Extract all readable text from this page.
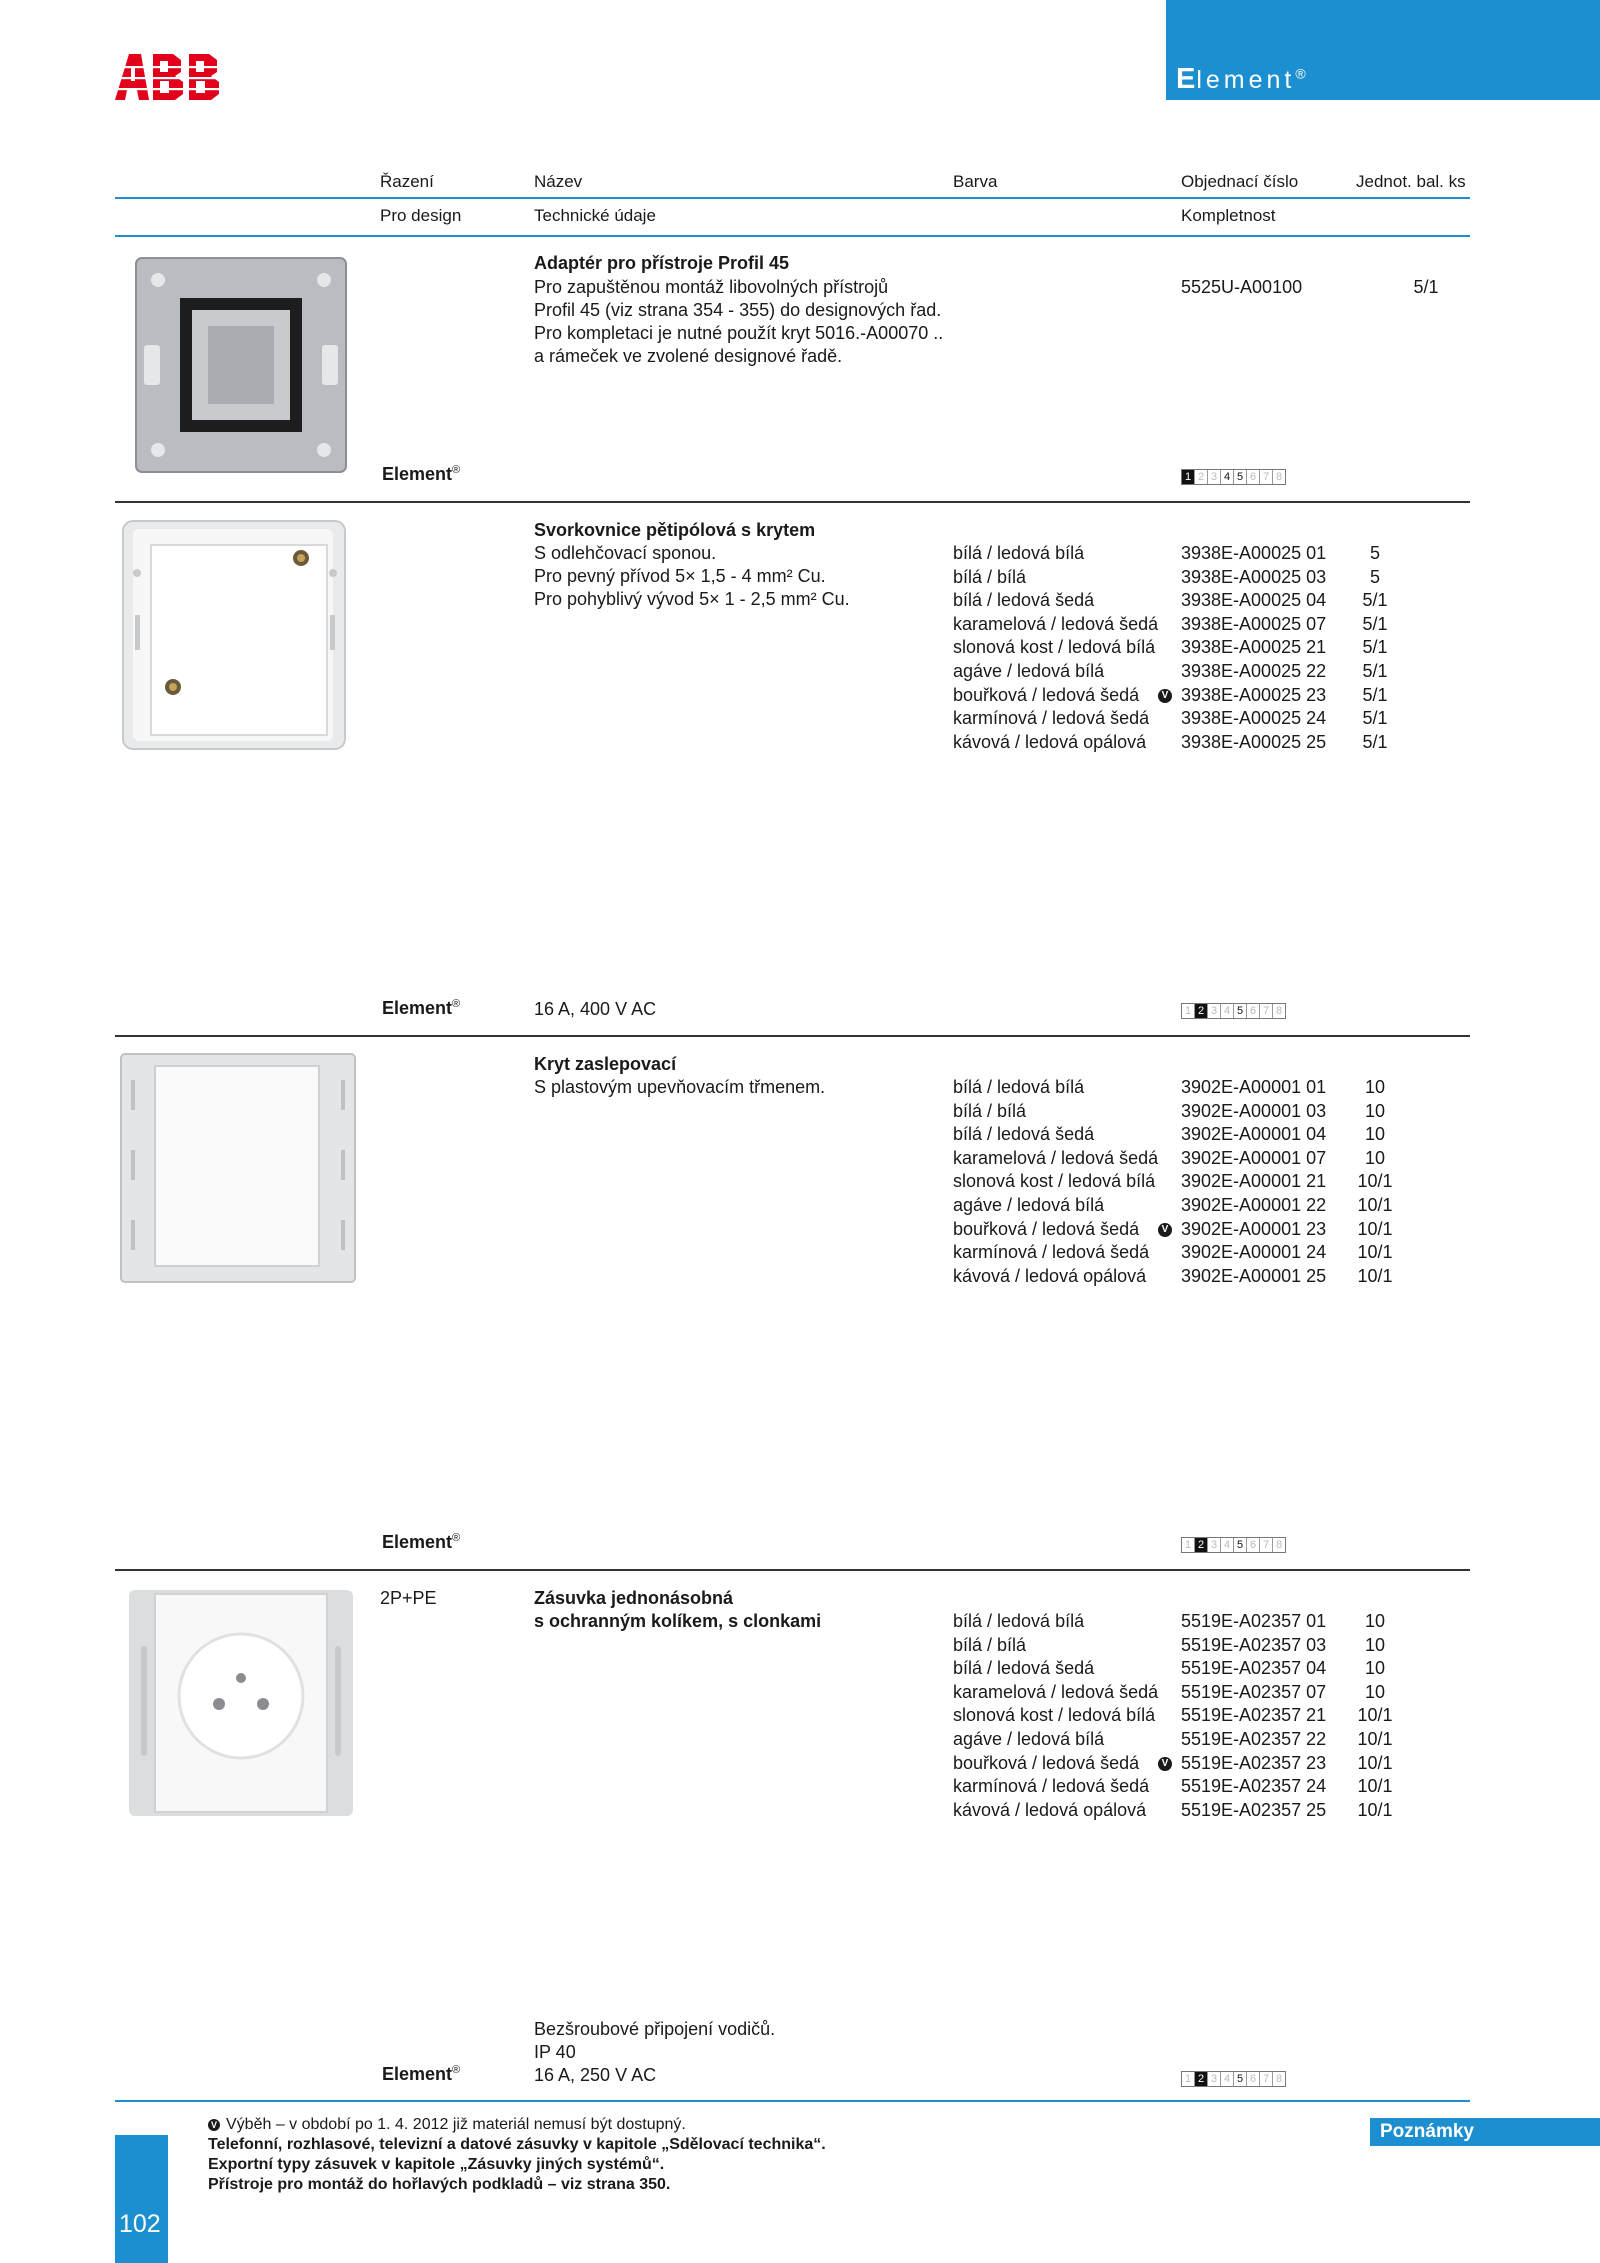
Element®
Řazení	Název	Barva	Objednací číslo	Jednot. bal. ks
Pro design	Technické údaje	Kompletnost
Adaptér pro přístroje Profil 45
Pro zapuštěnou montáž libovolných přístrojů
Profil 45 (viz strana 354 - 355) do designových řad.
Pro kompletaci je nutné použít kryt 5016.-A00070 ..
a rámeček ve zvolené designové řadě.
5525U-A00100	5/1
Element®
1 2 3 4 5 6 7 8
Svorkovnice pětipólová s krytem
S odlehčovací sponou.
Pro pevný přívod 5× 1,5 - 4 mm² Cu.
Pro pohyblivý vývod 5× 1 - 2,5 mm² Cu.
bílá / ledová bílá	3938E-A00025 01	5
bílá / bílá	3938E-A00025 03	5
bílá / ledová šedá	3938E-A00025 04	5/1
karamelová / ledová šedá 3938E-A00025 07	5/1
slonová kost / ledová bílá 3938E-A00025 21	5/1
agáve / ledová bílá	3938E-A00025 22	5/1
bouřková / ledová šedá 3938E-A00025 23	5/1
V
karmínová / ledová šedá 3938E-A00025 24	5/1
kávová / ledová opálová 3938E-A00025 25	5/1
Element®	16 A, 400 V AC	1 2 3 4 5 6 7 8
Kryt zaslepovací
S plastovým upevňovacím třmenem.	bílá / ledová bílá	3902E-A00001 01	10
bílá / bílá	3902E-A00001 03	10
bílá / ledová šedá	3902E-A00001 04	10
karamelová / ledová šedá 3902E-A00001 07	10
slonová kost / ledová bílá 3902E-A00001 21	10/1
agáve / ledová bílá	3902E-A00001 22	10/1
bouřková / ledová šedá 3902E-A00001 23	10/1
V
karmínová / ledová šedá 3902E-A00001 24	10/1
kávová / ledová opálová 3902E-A00001 25	10/1
Element®
1 2 3 4 5 6 7 8
2P+PE	Zásuvka jednonásobná
s ochranným kolíkem, s clonkami	bílá / ledová bílá	5519E-A02357 01	10
bílá / bílá	5519E-A02357 03	10
bílá / ledová šedá	5519E-A02357 04	10
karamelová / ledová šedá 5519E-A02357 07	10
slonová kost / ledová bílá 5519E-A02357 21	10/1
agáve / ledová bílá	5519E-A02357 22	10/1
bouřková / ledová šedá 5519E-A02357 23	10/1
V
karmínová / ledová šedá 5519E-A02357 24	10/1
kávová / ledová opálová 5519E-A02357 25	10/1
Bezšroubové připojení vodičů.
IP 40
Element®	16 A, 250 V AC	1 2 3 4 5 6 7 8
102
Poznámky
V Výběh – v období po 1. 4. 2012 již materiál nemusí být dostupný.
Telefonní, rozhlasové, televizní a datové zásuvky v kapitole „Sdělovací technika“.
Exportní typy zásuvek v kapitole „Zásuvky jiných systémů“.
Přístroje pro montáž do hořlavých podkladů – viz strana 350.
